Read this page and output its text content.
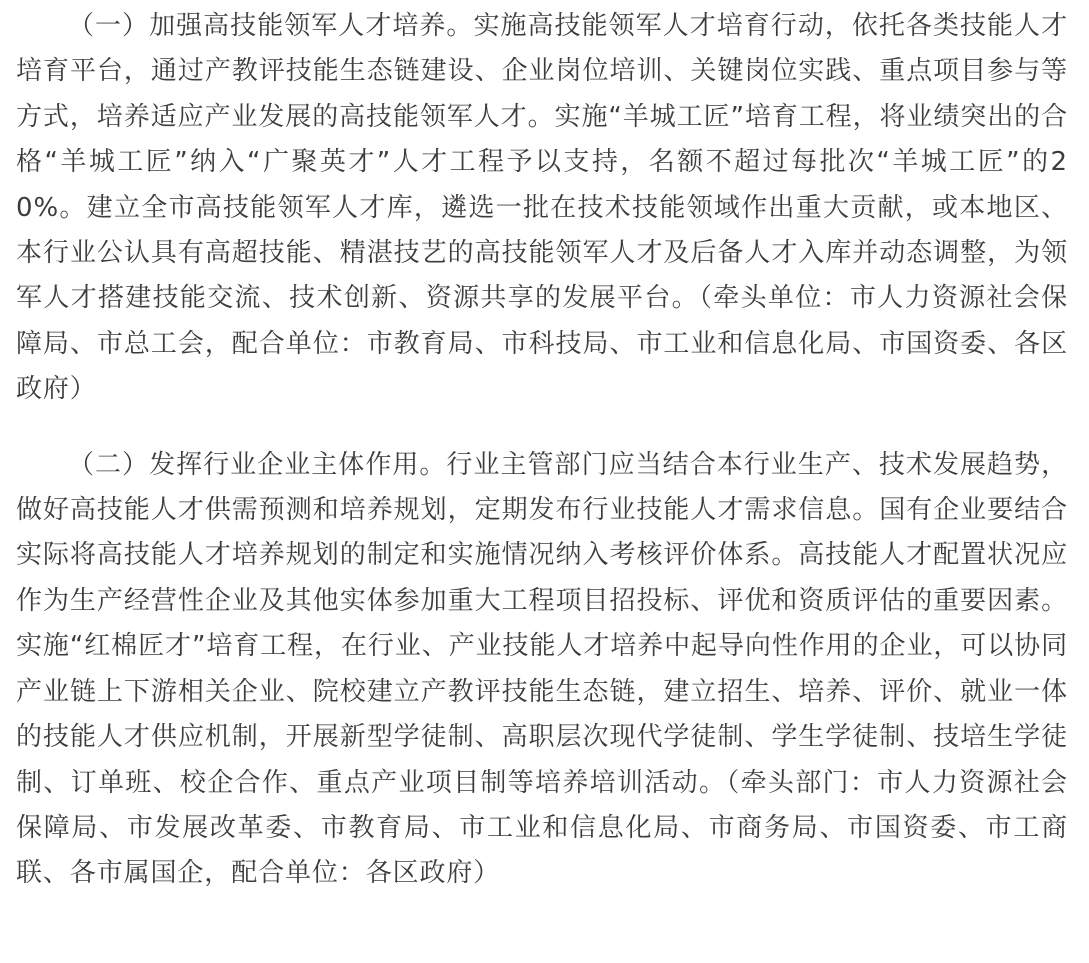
（一）加强高技能领军人才培养。实施高技能领军人才培育行动，依托各类技能人才培育平台，通过产教评技能生态链建设、企业岗位培训、关键岗位实践、重点项目参与等方式，培养适应产业发展的高技能领军人才。实施“羊城工匠”培育工程，将业绩突出的合格“羊城工匠”纳入“广聚英才”人才工程予以支持，名额不超过每批次“羊城工匠”的20%。建立全市高技能领军人才库，遴选一批在技术技能领域作出重大贡献，或本地区、本行业公认具有高超技能、精湛技艺的高技能领军人才及后备人才入库并动态调整，为领军人才搭建技能交流、技术创新、资源共享的发展平台。（牵头单位：市人力资源社会保障局、市总工会，配合单位：市教育局、市科技局、市工业和信息化局、市国资委、各区政府）

（二）发挥行业企业主体作用。行业主管部门应当结合本行业生产、技术发展趋势，做好高技能人才供需预测和培养规划，定期发布行业技能人才需求信息。国有企业要结合实际将高技能人才培养规划的制定和实施情况纳入考核评价体系。高技能人才配置状况应作为生产经营性企业及其他实体参加重大工程项目招投标、评优和资质评估的重要因素。实施“红棉匠才”培育工程，在行业、产业技能人才培养中起导向性作用的企业，可以协同产业链上下游相关企业、院校建立产教评技能生态链，建立招生、培养、评价、就业一体的技能人才供应机制，开展新型学徒制、高职层次现代学徒制、学生学徒制、技培生学徒制、订单班、校企合作、重点产业项目制等培养培训活动。（牵头部门：市人力资源社会保障局、市发展改革委、市教育局、市工业和信息化局、市商务局、市国资委、市工商联、各市属国企，配合单位：各区政府）
